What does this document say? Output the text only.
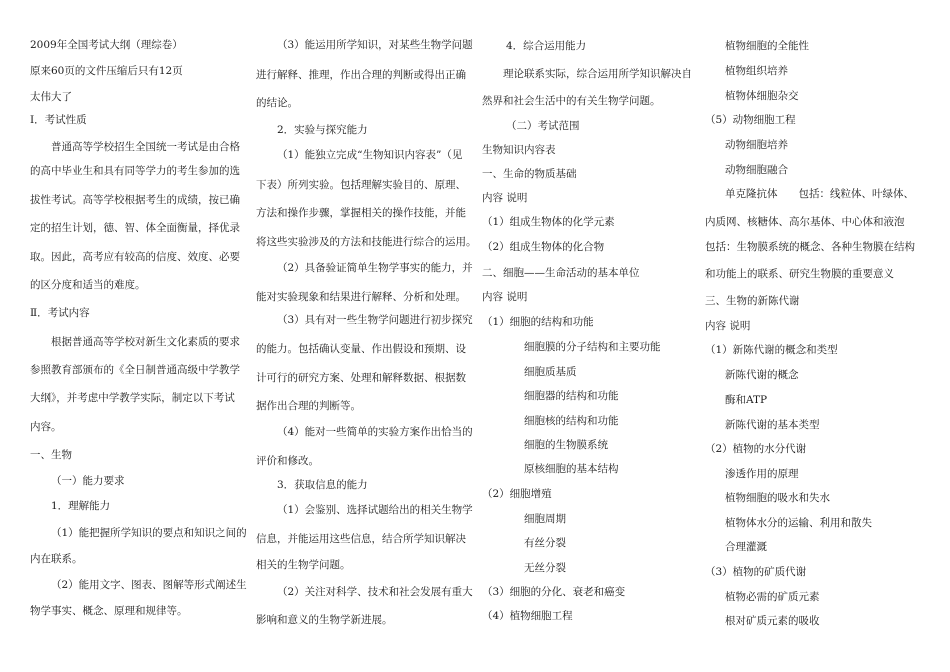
2009年全国考试大纲（理综卷）
原来60页的文件压缩后只有12页
太伟大了
I．考试性质
普通高等学校招生全国统一考试是由合格
的高中毕业生和具有同等学力的考生参加的选
拔性考试。高等学校根据考生的成绩，按已确
定的招生计划，德、智、体全面衡量，择优录
取。因此，高考应有较高的信度、效度、必要
的区分度和适当的难度。
Ⅱ．考试内容
根据普通高等学校对新生文化素质的要求
参照教育部颁布的《全日制普通高级中学教学
大纲》，并考虑中学教学实际，制定以下考试
内容。
一、生物
（一）能力要求
1．理解能力
（1）能把握所学知识的要点和知识之间的
内在联系。
（2）能用文字、图表、图解等形式阐述生
物学事实、概念、原理和规律等。
（3）能运用所学知识，对某些生物学问题
进行解释、推理，作出合理的判断或得出正确
的结论。
2．实验与探究能力
（1）能独立完成“生物知识内容表”（见
下表）所列实验。包括理解实验目的、原理、
方法和操作步骤，掌握相关的操作技能，并能
将这些实验涉及的方法和技能进行综合的运用。
（2）具备验证简单生物学事实的能力，并
能对实验现象和结果进行解释、分析和处理。
（3）具有对一些生物学问题进行初步探究
的能力。包括确认变量、作出假设和预期、设
计可行的研究方案、处理和解释数据、根据数
据作出合理的判断等。
（4）能对一些简单的实验方案作出恰当的
评价和修改。
3．获取信息的能力
（1）会鉴别、选择试题给出的相关生物学
信息，并能运用这些信息，结合所学知识解决
相关的生物学问题。
（2）关注对科学、技术和社会发展有重大
影响和意义的生物学新进展。
4．综合运用能力
理论联系实际，综合运用所学知识解决自
然界和社会生活中的有关生物学问题。
（二）考试范围
生物知识内容表
一、生命的物质基础
内容 说明
（1）组成生物体的化学元素
（2）组成生物体的化合物
二、细胞——生命活动的基本单位
内容 说明
（1）细胞的结构和功能
细胞膜的分子结构和主要功能
细胞质基质
细胞器的结构和功能
细胞核的结构和功能
细胞的生物膜系统
原核细胞的基本结构
（2）细胞增殖
细胞周期
有丝分裂
无丝分裂
（3）细胞的分化、衰老和癌变
（4）植物细胞工程
植物细胞的全能性
植物组织培养
植物体细胞杂交
（5）动物细胞工程
动物细胞培养
动物细胞融合
单克隆抗体　　包括：线粒体、叶绿体、
内质网、核糖体、高尔基体、中心体和液泡
包括：生物膜系统的概念、各种生物膜在结构
和功能上的联系、研究生物膜的重要意义
三、生物的新陈代谢
内容 说明
（1）新陈代谢的概念和类型
新陈代谢的概念
酶和ATP
新陈代谢的基本类型
（2）植物的水分代谢
渗透作用的原理
植物细胞的吸水和失水
植物体水分的运输、利用和散失
合理灌溉
（3）植物的矿质代谢
植物必需的矿质元素
根对矿质元素的吸收
